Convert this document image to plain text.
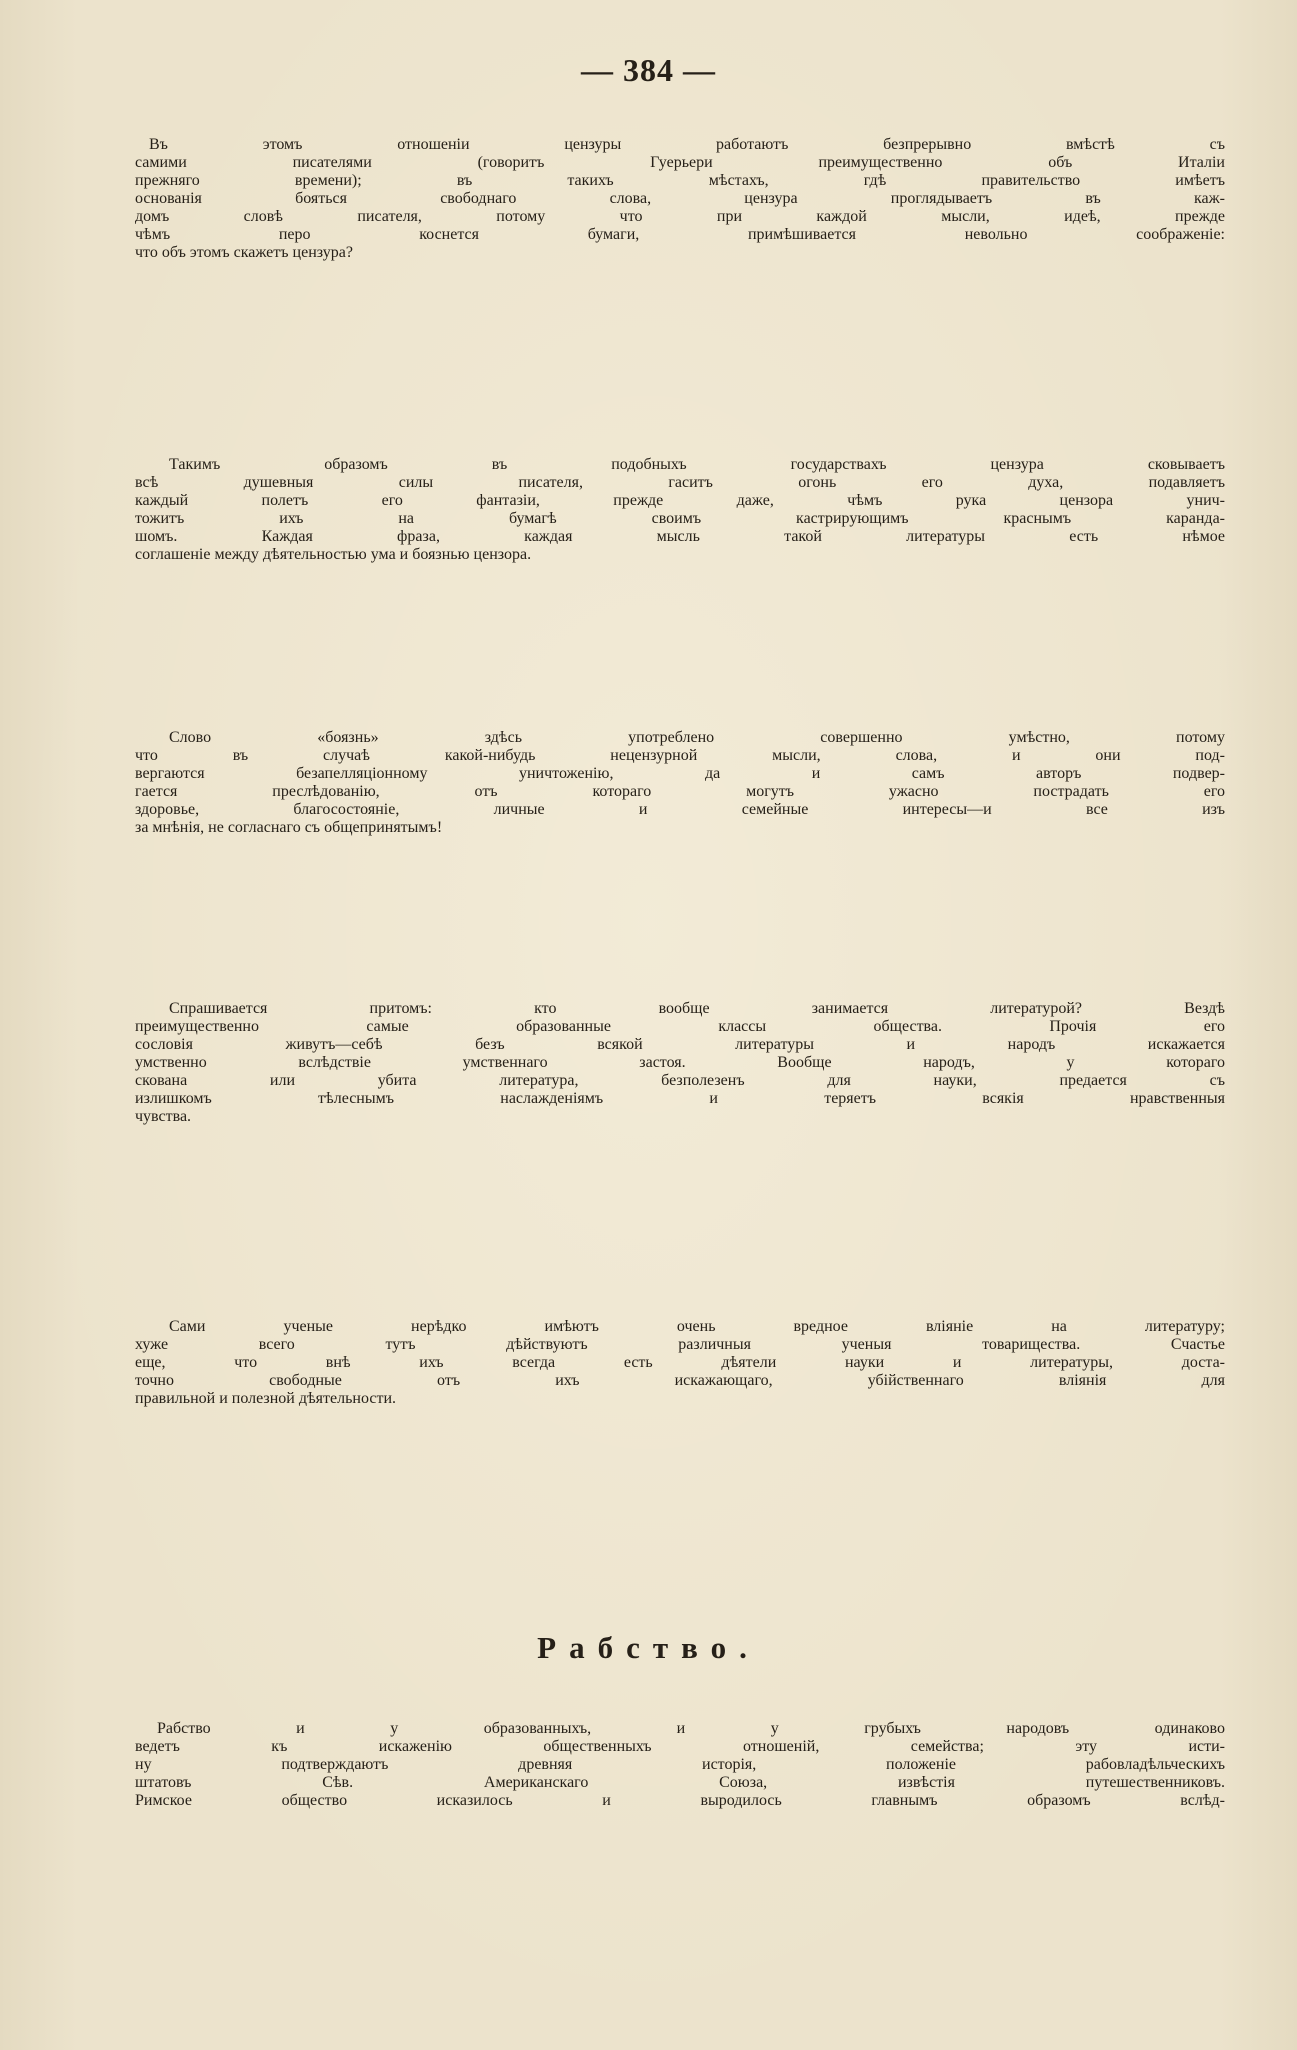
— 384 —
Въ этомъ отношеніи цензуры работаютъ безпрерывно вмѣстѣ съ
самими писателями (говоритъ Гуерьери преимущественно объ Италіи
прежняго времени); въ такихъ мѣстахъ, гдѣ правительство имѣетъ
основанія бояться свободнаго слова, цензура проглядываетъ въ каж-
домъ словѣ писателя, потому что при каждой мысли, идеѣ, прежде
чѣмъ перо коснется бумаги, примѣшивается невольно соображеніе:
что объ этомъ скажетъ цензура?
Такимъ образомъ въ подобныхъ государствахъ цензура сковываетъ
всѣ душевныя силы писателя, гаситъ огонь его духа, подавляетъ
каждый полетъ его фантазіи, прежде даже, чѣмъ рука цензора унич-
тожитъ ихъ на бумагѣ своимъ кастрирующимъ краснымъ каранда-
шомъ. Каждая фраза, каждая мысль такой литературы есть нѣмое
соглашеніе между дѣятельностью ума и боязнью цензора.
Слово «боязнь» здѣсь употреблено совершенно умѣстно, потому
что въ случаѣ какой-нибудь нецензурной мысли, слова, и они под-
вергаются безапелляціонному уничтоженію, да и самъ авторъ подвер-
гается преслѣдованію, отъ котораго могутъ ужасно пострадать его
здоровье, благосостояніе, личные и семейные интересы—и все изъ
за мнѣнія, не согласнаго съ общепринятымъ!
Спрашивается притомъ: кто вообще занимается литературой? Вездѣ
преимущественно самые образованные классы общества. Прочія его
сословія живутъ—себѣ безъ всякой литературы и народъ искажается
умственно вслѣдствіе умственнаго застоя. Вообще народъ, у котораго
скована или убита литература, безполезенъ для науки, предается съ
излишкомъ тѣлеснымъ наслажденіямъ и теряетъ всякія нравственныя
чувства.
Сами ученые нерѣдко имѣютъ очень вредное вліяніе на литературу;
хуже всего тутъ дѣйствуютъ различныя ученыя товарищества. Счастье
еще, что внѣ ихъ всегда есть дѣятели науки и литературы, доста-
точно свободные отъ ихъ искажающаго, убійственнаго вліянія для
правильной и полезной дѣятельности.
Рабство.
Рабство и у образованныхъ, и у грубыхъ народовъ одинаково
ведетъ къ искаженію общественныхъ отношеній, семейства; эту исти-
ну подтверждаютъ древняя исторія, положеніе рабовладѣльческихъ
штатовъ Сѣв. Американскаго Союза, извѣстія путешественниковъ.
Римское общество исказилось и выродилось главнымъ образомъ вслѣд-
